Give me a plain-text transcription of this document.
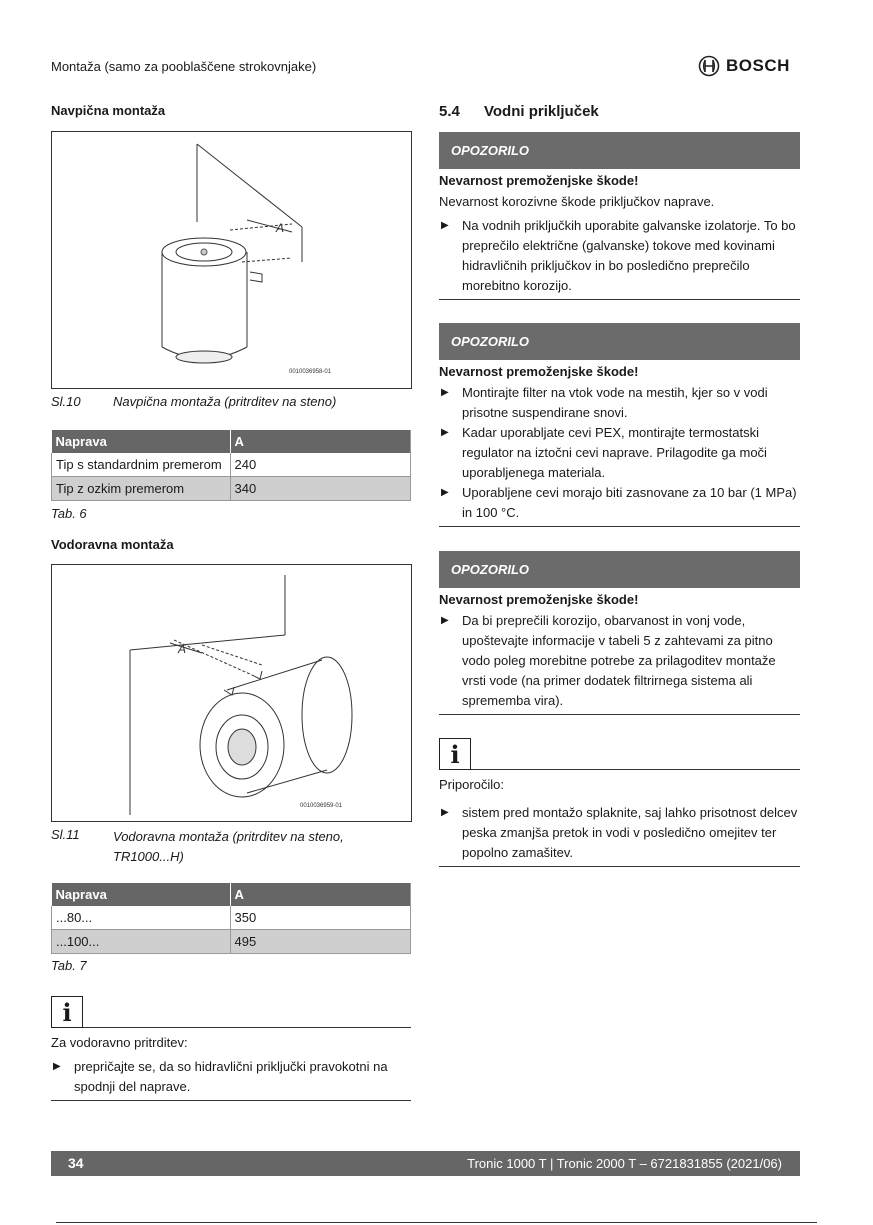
Montaža (samo za pooblaščene strokovnjake)	BOSCH
Navpična montaža
A
0010036958-01
Sl.10	Navpična montaža (pritrditev na steno)
Naprava	A
Tip s standardnim premerom	240
Tip z ozkim premerom	340
Tab. 6
Vodoravna montaža
A
0010036959-01
Sl.11	Vodoravna montaža (pritrditev na steno, TR1000...H)
Naprava	A
...80...	350
...100...	495
Tab. 7
i
Za vodoravno pritrditev:
▶ prepričajte se, da so hidravlični priključki pravokotni na spodnji del naprave.
5.4	Vodni priključek
OPOZORILO
Nevarnost premoženjske škode!
Nevarnost korozivne škode priključkov naprave.
▶ Na vodnih priključkih uporabite galvanske izolatorje. To bo preprečilo električne (galvanske) tokove med kovinami hidravličnih priključkov in bo posledično preprečilo morebitno korozijo.
OPOZORILO
Nevarnost premoženjske škode!
▶ Montirajte filter na vtok vode na mestih, kjer so v vodi prisotne suspendirane snovi.
▶ Kadar uporabljate cevi PEX, montirajte termostatski regulator na iztočni cevi naprave. Prilagodite ga moči uporabljenega materiala.
▶ Uporabljene cevi morajo biti zasnovane za 10 bar (1 MPa) in 100 °C.
OPOZORILO
Nevarnost premoženjske škode!
▶ Da bi preprečili korozijo, obarvanost in vonj vode, upoštevajte informacije v tabeli 5 z zahtevami za pitno vodo poleg morebitne potrebe za prilagoditev montaže vrsti vode (na primer dodatek filtrirnega sistema ali sprememba vira).
i
Priporočilo:
▶ sistem pred montažo splaknite, saj lahko prisotnost delcev peska zmanjša pretok in vodi v posledično omejitev ter popolno zamašitev.
34	Tronic 1000 T | Tronic 2000 T – 6721831855 (2021/06)
